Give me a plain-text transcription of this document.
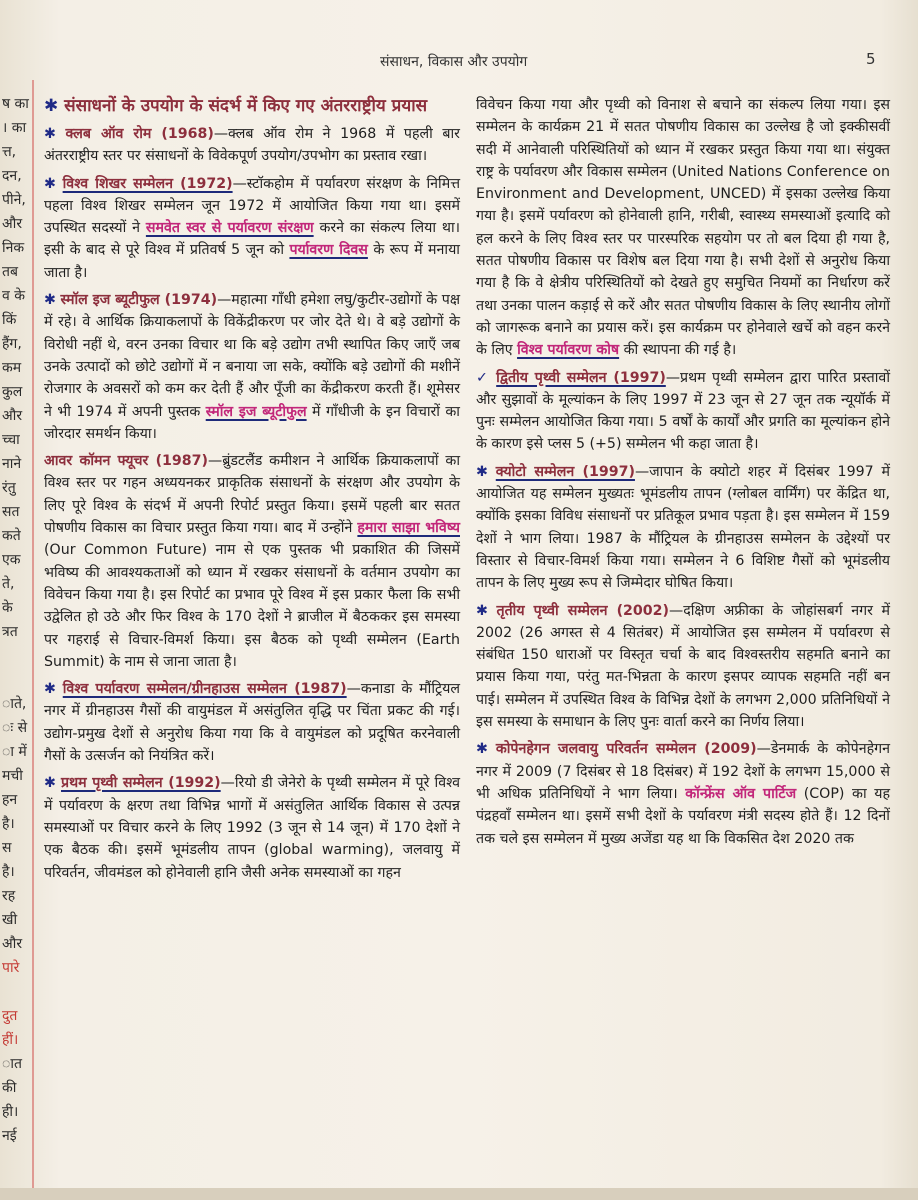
ष का
। का
त्त,
दन,
पीने,
और
निक
तब
व के
किं
हैंग,
कम
कुल
और
च्चा
नाने
रंतु
सत
कते
एक
ते,
के
त्रत
ाते,
ः से
ा में
मची
हन
है।
स
है।
रह
खी
और
पारे
दुत
हीं।
ात
की
ही।
नई
संसाधन, विकास और उपयोग	5
✱ संसाधनों के उपयोग के संदर्भ में किए गए अंतरराष्ट्रीय प्रयास

✱ क्लब ऑव रोम (1968)—क्लब ऑव रोम ने 1968 में पहली बार अंतरराष्ट्रीय स्तर पर संसाधनों के विवेकपूर्ण उपयोग/उपभोग का प्रस्ताव रखा।

✱ विश्व शिखर सम्मेलन (1972)—स्टॉकहोम में पर्यावरण संरक्षण के निमित्त पहला विश्व शिखर सम्मेलन जून 1972 में आयोजित किया गया था। इसमें उपस्थित सदस्यों ने समवेत स्वर से पर्यावरण संरक्षण करने का संकल्प लिया था। इसी के बाद से पूरे विश्व में प्रतिवर्ष 5 जून को पर्यावरण दिवस के रूप में मनाया जाता है।

✱ स्मॉल इज ब्यूटीफुल (1974)—महात्मा गाँधी हमेशा लघु/कुटीर-उद्योगों के पक्ष में रहे। वे आर्थिक क्रियाकलापों के विकेंद्रीकरण पर जोर देते थे। वे बड़े उद्योगों के विरोधी नहीं थे, वरन उनका विचार था कि बड़े उद्योग तभी स्थापित किए जाएँ जब उनके उत्पादों को छोटे उद्योगों में न बनाया जा सके, क्योंकि बड़े उद्योगों की मशीनें रोजगार के अवसरों को कम कर देती हैं और पूँजी का केंद्रीकरण करती हैं। शूमेसर ने भी 1974 में अपनी पुस्तक स्मॉल इज ब्यूटीफुल में गाँधीजी के इन विचारों का जोरदार समर्थन किया।

आवर कॉमन फ्यूचर (1987)—ब्रुंडटलैंड कमीशन ने आर्थिक क्रियाकलापों का विश्व स्तर पर गहन अध्ययनकर प्राकृतिक संसाधनों के संरक्षण और उपयोग के लिए पूरे विश्व के संदर्भ में अपनी रिपोर्ट प्रस्तुत किया। इसमें पहली बार सतत पोषणीय विकास का विचार प्रस्तुत किया गया। बाद में उन्होंने हमारा साझा भविष्य (Our Common Future) नाम से एक पुस्तक भी प्रकाशित की जिसमें भविष्य की आवश्यकताओं को ध्यान में रखकर संसाधनों के वर्तमान उपयोग का विवेचन किया गया है। इस रिपोर्ट का प्रभाव पूरे विश्व में इस प्रकार फैला कि सभी उद्वेलित हो उठे और फिर विश्व के 170 देशों ने ब्राजील में बैठककर इस समस्या पर गहराई से विचार-विमर्श किया। इस बैठक को पृथ्वी सम्मेलन (Earth Summit) के नाम से जाना जाता है।

✱ विश्व पर्यावरण सम्मेलन/ग्रीनहाउस सम्मेलन (1987)—कनाडा के मौंट्रियल नगर में ग्रीनहाउस गैसों की वायुमंडल में असंतुलित वृद्धि पर चिंता प्रकट की गई। उद्योग-प्रमुख देशों से अनुरोध किया गया कि वे वायुमंडल को प्रदूषित करनेवाली गैसों के उत्सर्जन को नियंत्रित करें।

✱ प्रथम पृथ्वी सम्मेलन (1992)—रियो डी जेनेरो के पृथ्वी सम्मेलन में पूरे विश्व में पर्यावरण के क्षरण तथा विभिन्न भागों में असंतुलित आर्थिक विकास से उत्पन्न समस्याओं पर विचार करने के लिए 1992 (3 जून से 14 जून) में 170 देशों ने एक बैठक की। इसमें भूमंडलीय तापन (global warming), जलवायु में परिवर्तन, जीवमंडल को होनेवाली हानि जैसी अनेक समस्याओं का गहन

विवेचन किया गया और पृथ्वी को विनाश से बचाने का संकल्प लिया गया। इस सम्मेलन के कार्यक्रम 21 में सतत पोषणीय विकास का उल्लेख है जो इक्कीसवीं सदी में आनेवाली परिस्थितियों को ध्यान में रखकर प्रस्तुत किया गया था। संयुक्त राष्ट्र के पर्यावरण और विकास सम्मेलन (United Nations Conference on Environment and Development, UNCED) में इसका उल्लेख किया गया है। इसमें पर्यावरण को होनेवाली हानि, गरीबी, स्वास्थ्य समस्याओं इत्यादि को हल करने के लिए विश्व स्तर पर पारस्परिक सहयोग पर तो बल दिया ही गया है, सतत पोषणीय विकास पर विशेष बल दिया गया है। सभी देशों से अनुरोध किया गया है कि वे क्षेत्रीय परिस्थितियों को देखते हुए समुचित नियमों का निर्धारण करें तथा उनका पालन कड़ाई से करें और सतत पोषणीय विकास के लिए स्थानीय लोगों को जागरूक बनाने का प्रयास करें। इस कार्यक्रम पर होनेवाले खर्चे को वहन करने के लिए विश्व पर्यावरण कोष की स्थापना की गई है।

✓ द्वितीय पृथ्वी सम्मेलन (1997)—प्रथम पृथ्वी सम्मेलन द्वारा पारित प्रस्तावों और सुझावों के मूल्यांकन के लिए 1997 में 23 जून से 27 जून तक न्यूयॉर्क में पुनः सम्मेलन आयोजित किया गया। 5 वर्षों के कार्यों और प्रगति का मूल्यांकन होने के कारण इसे प्लस 5 (+5) सम्मेलन भी कहा जाता है।

✱ क्योटो सम्मेलन (1997)—जापान के क्योटो शहर में दिसंबर 1997 में आयोजित यह सम्मेलन मुख्यतः भूमंडलीय तापन (ग्लोबल वार्मिंग) पर केंद्रित था, क्योंकि इसका विविध संसाधनों पर प्रतिकूल प्रभाव पड़ता है। इस सम्मेलन में 159 देशों ने भाग लिया। 1987 के मौंट्रियल के ग्रीनहाउस सम्मेलन के उद्देश्यों पर विस्तार से विचार-विमर्श किया गया। सम्मेलन ने 6 विशिष्ट गैसों को भूमंडलीय तापन के लिए मुख्य रूप से जिम्मेदार घोषित किया।

✱ तृतीय पृथ्वी सम्मेलन (2002)—दक्षिण अफ्रीका के जोहांसबर्ग नगर में 2002 (26 अगस्त से 4 सितंबर) में आयोजित इस सम्मेलन में पर्यावरण से संबंधित 150 धाराओं पर विस्तृत चर्चा के बाद विश्वस्तरीय सहमति बनाने का प्रयास किया गया, परंतु मत-भिन्नता के कारण इसपर व्यापक सहमति नहीं बन पाई। सम्मेलन में उपस्थित विश्व के विभिन्न देशों के लगभग 2,000 प्रतिनिधियों ने इस समस्या के समाधान के लिए पुनः वार्ता करने का निर्णय लिया।

✱ कोपेनहेगन जलवायु परिवर्तन सम्मेलन (2009)—डेनमार्क के कोपेनहेगन नगर में 2009 (7 दिसंबर से 18 दिसंबर) में 192 देशों के लगभग 15,000 से भी अधिक प्रतिनिधियों ने भाग लिया। कॉन्फ्रेंस ऑव पार्टिज (COP) का यह पंद्रहवाँ सम्मेलन था। इसमें सभी देशों के पर्यावरण मंत्री सदस्य होते हैं। 12 दिनों तक चले इस सम्मेलन में मुख्य अजेंडा यह था कि विकसित देश 2020 तक
